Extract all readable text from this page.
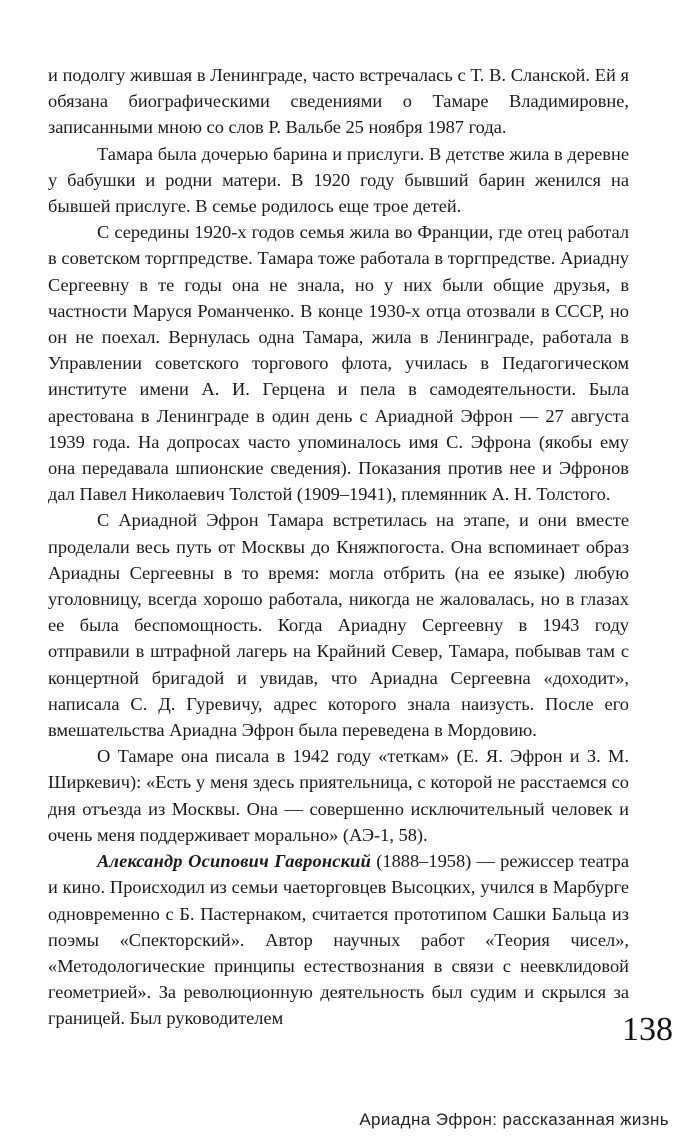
и подолгу жившая в Ленинграде, часто встречалась с Т. В. Сланской. Ей я обязана биографическими сведениями о Тамаре Владимировне, записанными мною со слов Р. Вальбе 25 ноября 1987 года.

Тамара была дочерью барина и прислуги. В детстве жила в деревне у бабушки и родни матери. В 1920 году бывший барин женился на бывшей прислуге. В семье родилось еще трое детей.

С середины 1920-х годов семья жила во Франции, где отец работал в советском торгпредстве. Тамара тоже работала в торгпредстве. Ариадну Сергеевну в те годы она не знала, но у них были общие друзья, в частности Маруся Романченко. В конце 1930-х отца отозвали в СССР, но он не поехал. Вернулась одна Тамара, жила в Ленинграде, работала в Управлении советского торгового флота, училась в Педагогическом институте имени А. И. Герцена и пела в самодеятельности. Была арестована в Ленинграде в один день с Ариадной Эфрон — 27 августа 1939 года. На допросах часто упоминалось имя С. Эфрона (якобы ему она передавала шпионские сведения). Показания против нее и Эфронов дал Павел Николаевич Толстой (1909–1941), племянник А. Н. Толстого.

С Ариадной Эфрон Тамара встретилась на этапе, и они вместе проделали весь путь от Москвы до Княжпогоста. Она вспоминает образ Ариадны Сергеевны в то время: могла отбрить (на ее языке) любую уголовницу, всегда хорошо работала, никогда не жаловалась, но в глазах ее была беспомощность. Когда Ариадну Сергеевну в 1943 году отправили в штрафной лагерь на Крайний Север, Тамара, побывав там с концертной бригадой и увидав, что Ариадна Сергеевна «доходит», написала С. Д. Гуревичу, адрес которого знала наизусть. После его вмешательства Ариадна Эфрон была переведена в Мордовию.

О Тамаре она писала в 1942 году «теткам» (Е. Я. Эфрон и З. М. Ширкевич): «Есть у меня здесь приятельница, с которой не расстаемся со дня отъезда из Москвы. Она — совершенно исключительный человек и очень меня поддерживает морально» (АЭ-1, 58).

Александр Осипович Гавронский (1888–1958) — режиссер театра и кино. Происходил из семьи чаеторговцев Высоцких, учился в Марбурге одновременно с Б. Пастернаком, считается прототипом Сашки Бальца из поэмы «Спекторский». Автор научных работ «Теория чисел», «Методологические принципы естествознания в связи с неевклидовой геометрией». За революционную деятельность был судим и скрылся за границей. Был руководителем	138
Ариадна Эфрон: рассказанная жизнь
